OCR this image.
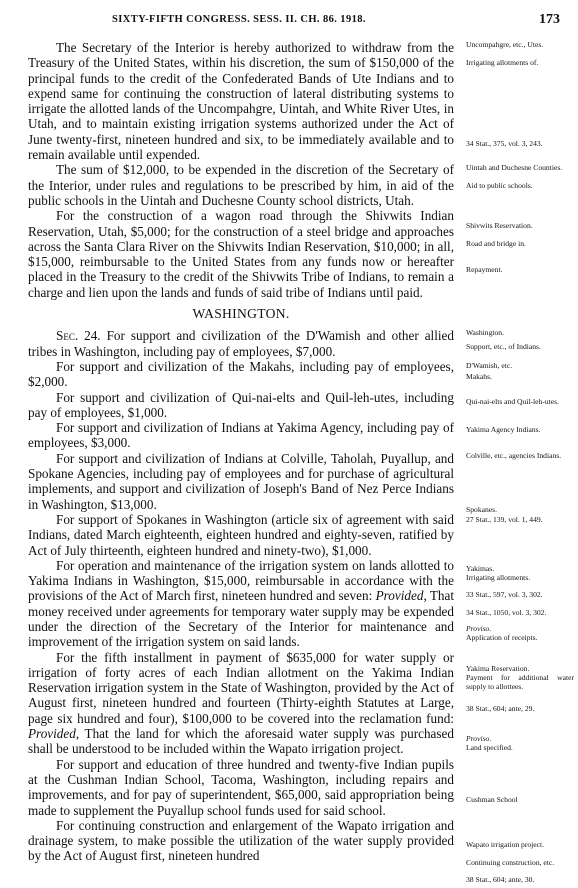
SIXTY-FIFTH CONGRESS. SESS. II. CH. 86. 1918.	173

The Secretary of the Interior is hereby authorized to withdraw from the Treasury of the United States, within his discretion, the sum of $150,000 of the principal funds to the credit of the Confederated Bands of Ute Indians and to expend same for continuing the construction of lateral distributing systems to irrigate the allotted lands of the Uncompahgre, Uintah, and White River Utes, in Utah, and to maintain existing irrigation systems authorized under the Act of June twenty-first, nineteen hundred and six, to be immediately available and to remain available until expended.

The sum of $12,000, to be expended in the discretion of the Secretary of the Interior, under rules and regulations to be prescribed by him, in aid of the public schools in the Uintah and Duchesne County school districts, Utah.

For the construction of a wagon road through the Shivwits Indian Reservation, Utah, $5,000; for the construction of a steel bridge and approaches across the Santa Clara River on the Shivwits Indian Reservation, $10,000; in all, $15,000, reimbursable to the United States from any funds now or hereafter placed in the Treasury to the credit of the Shivwits Tribe of Indians, to remain a charge and lien upon the lands and funds of said tribe of Indians until paid.

WASHINGTON.

Sec. 24. For support and civilization of the D'Wamish and other allied tribes in Washington, including pay of employees, $7,000.

For support and civilization of the Makahs, including pay of employees, $2,000.

For support and civilization of Qui-nai-elts and Quil-leh-utes, including pay of employees, $1,000.

For support and civilization of Indians at Yakima Agency, including pay of employees, $3,000.

For support and civilization of Indians at Colville, Taholah, Puyallup, and Spokane Agencies, including pay of employees and for purchase of agricultural implements, and support and civilization of Joseph's Band of Nez Perce Indians in Washington, $13,000.

For support of Spokanes in Washington (article six of agreement with said Indians, dated March eighteenth, eighteen hundred and eighty-seven, ratified by Act of July thirteenth, eighteen hundred and ninety-two), $1,000.

For operation and maintenance of the irrigation system on lands allotted to Yakima Indians in Washington, $15,000, reimbursable in accordance with the provisions of the Act of March first, nineteen hundred and seven: Provided, That money received under agreements for temporary water supply may be expended under the direction of the Secretary of the Interior for maintenance and improvement of the irrigation system on said lands.

For the fifth installment in payment of $635,000 for water supply or irrigation of forty acres of each Indian allotment on the Yakima Indian Reservation irrigation system in the State of Washington, provided by the Act of August first, nineteen hundred and fourteen (Thirty-eighth Statutes at Large, page six hundred and four), $100,000 to be covered into the reclamation fund: Provided, That the land for which the aforesaid water supply was purchased shall be understood to be included within the Wapato irrigation project.

For support and education of three hundred and twenty-five Indian pupils at the Cushman Indian School, Tacoma, Washington, including repairs and improvements, and for pay of superintendent, $65,000, said appropriation being made to supplement the Puyallup school funds used for said school.

For continuing construction and enlargement of the Wapato irrigation and drainage system, to make possible the utilization of the water supply provided by the Act of August first, nineteen hundred

Uncompahgre, etc., Utes.
Irrigating allotments of.
34 Stat., 375, vol. 3, 243.
Uintah and Duchesne Counties.
Aid to public schools.
Shivwits Reservation.
Road and bridge in.
Repayment.
Washington.
Support, etc., of Indians.
D'Wamish, etc.
Makahs.
Qui-nai-elts and Quil-leh-utes.
Yakima Agency Indians.
Colville, etc., agencies Indians.
Spokanes.
27 Stat., 139, vol. 1, 449.
Yakimas.
Irrigating allotments.
33 Stat., 597, vol. 3, 302.
34 Stat., 1050, vol. 3, 302.
Proviso.
Application of receipts.
Yakima Reservation.
Payment for additional water supply to allottees.
38 Stat., 604; ante, 29.
Proviso.
Land specified.
Cushman School
Wapato irrigation project.
Continuing construction, etc.
38 Stat., 604; ante, 30.
